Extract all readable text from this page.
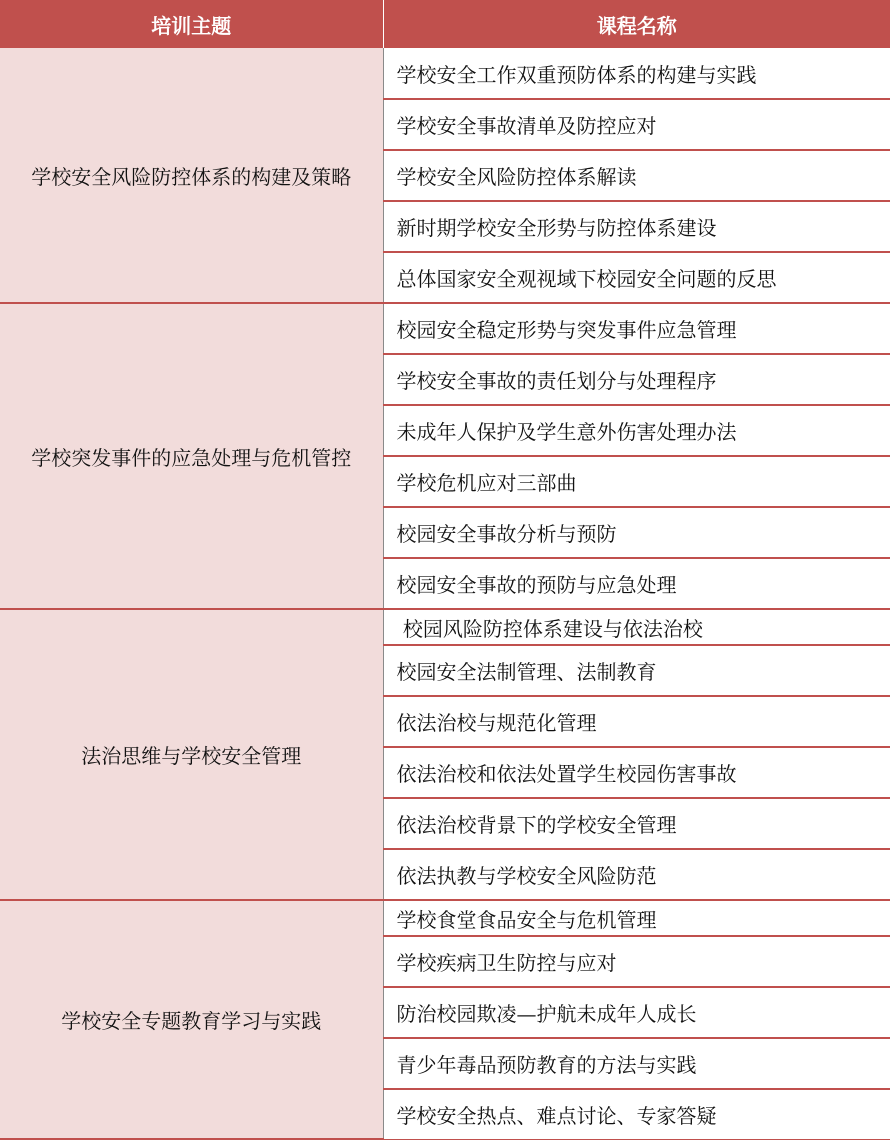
培训主题	课程名称
学校安全风险防控体系的构建及策略	学校安全工作双重预防体系的构建与实践
	学校安全事故清单及防控应对
	学校安全风险防控体系解读
	新时期学校安全形势与防控体系建设
	总体国家安全观视域下校园安全问题的反思
学校突发事件的应急处理与危机管控	校园安全稳定形势与突发事件应急管理
	学校安全事故的责任划分与处理程序
	未成年人保护及学生意外伤害处理办法
	学校危机应对三部曲
	校园安全事故分析与预防
	校园安全事故的预防与应急处理
法治思维与学校安全管理	校园风险防控体系建设与依法治校
	校园安全法制管理、法制教育
	依法治校与规范化管理
	依法治校和依法处置学生校园伤害事故
	依法治校背景下的学校安全管理
	依法执教与学校安全风险防范
学校安全专题教育学习与实践	学校食堂食品安全与危机管理
	学校疾病卫生防控与应对
	防治校园欺凌—护航未成年人成长
	青少年毒品预防教育的方法与实践
	学校安全热点、难点讨论、专家答疑
